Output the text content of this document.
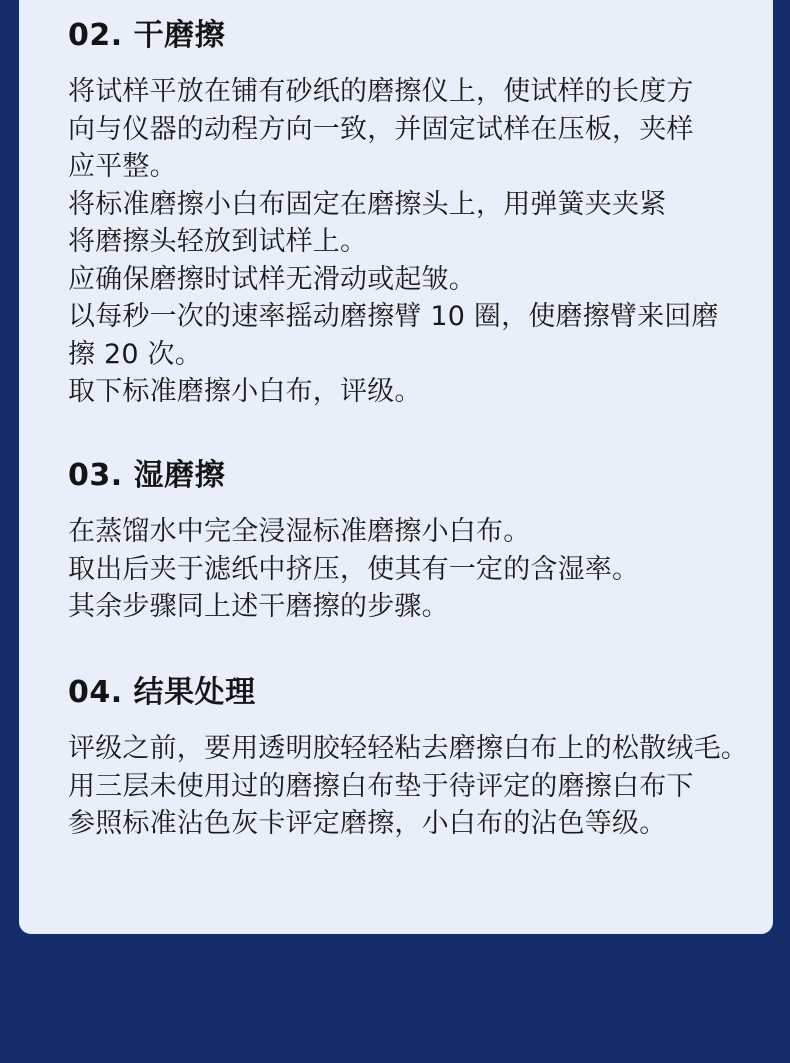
02. 干磨擦
将试样平放在铺有砂纸的磨擦仪上，使试样的长度方
向与仪器的动程方向一致，并固定试样在压板，夹样
应平整。
将标准磨擦小白布固定在磨擦头上，用弹簧夹夹紧
将磨擦头轻放到试样上。
应确保磨擦时试样无滑动或起皱。
以每秒一次的速率摇动磨擦臂 10 圈，使磨擦臂来回磨
擦 20 次。
取下标准磨擦小白布，评级。
03. 湿磨擦
在蒸馏水中完全浸湿标准磨擦小白布。
取出后夹于滤纸中挤压，使其有一定的含湿率。
其余步骤同上述干磨擦的步骤。
04. 结果处理
评级之前，要用透明胶轻轻粘去磨擦白布上的松散绒毛。
用三层未使用过的磨擦白布垫于待评定的磨擦白布下
参照标准沾色灰卡评定磨擦，小白布的沾色等级。
